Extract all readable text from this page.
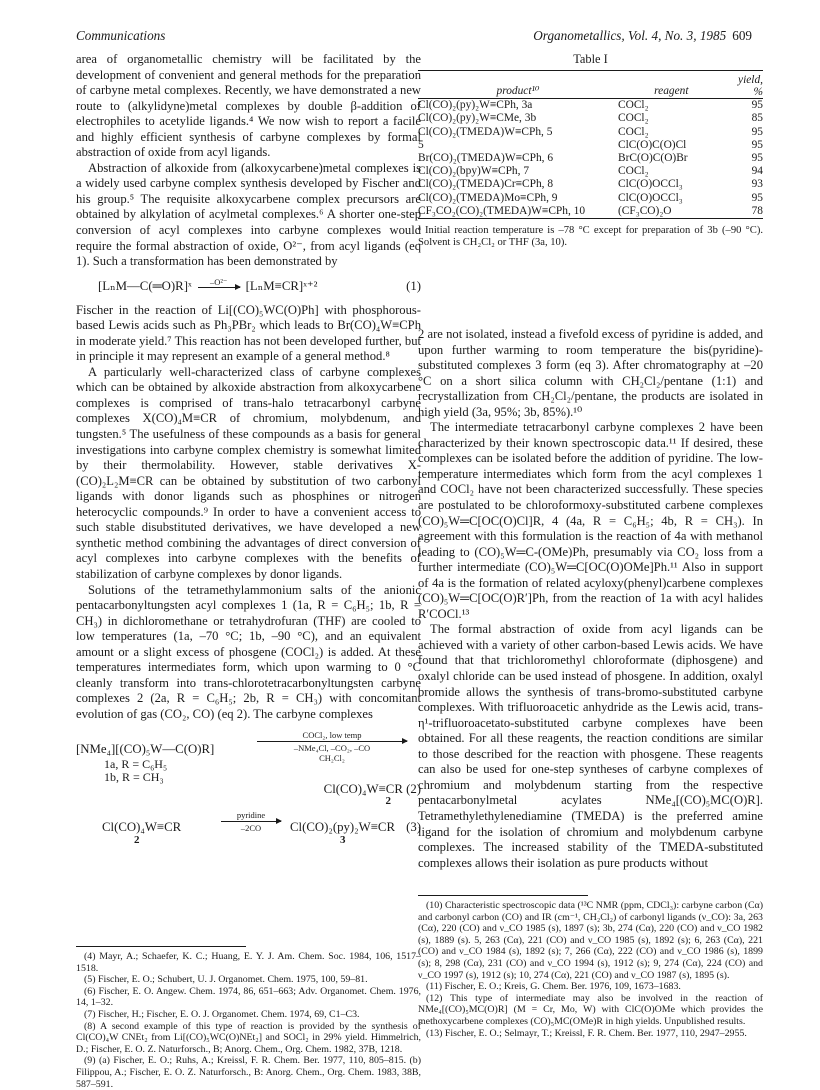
Communications	Organometallics, Vol. 4, No. 3, 1985 609

area of organometallic chemistry will be facilitated by the development of convenient and general methods for the preparation of carbyne metal complexes. Recently, we have demonstrated a new route to (alkylidyne)metal complexes by double β-addition of electrophiles to acetylide ligands.⁴ We now wish to report a facile and highly efficient synthesis of carbyne complexes by formal abstraction of oxide from acyl ligands.

Abstraction of alkoxide from (alkoxycarbene)metal complexes is a widely used carbyne complex synthesis developed by Fischer and his group.⁵ The requisite alkoxycarbene complex precursors are obtained by alkylation of acylmetal complexes.⁶ A shorter one-step conversion of acyl complexes into carbyne complexes would require the formal abstraction of oxide, O²⁻, from acyl ligands (eq 1). Such a transformation has been demonstrated by

[LₙM—C(═O)R]ˣ –O²⁻
[LₙM≡CR]ˣ⁺²	(1)

Fischer in the reaction of Li[(CO)₅WC(O)Ph] with phosphorous-based Lewis acids such as Ph₃PBr₂ which leads to Br(CO)₄W≡CPh in moderate yield.⁷ This reaction has not been developed further, but in principle it may represent an example of a general method.⁸

A particularly well-characterized class of carbyne complexes which can be obtained by alkoxide abstraction from alkoxycarbene complexes is comprised of trans-halo tetracarbonyl carbyne complexes X(CO)₄M≡CR of chromium, molybdenum, and tungsten.⁵ The usefulness of these compounds as a basis for general investigations into carbyne complex chemistry is somewhat limited by their thermolability. However, stable derivatives X-(CO)₂L₂M≡CR can be obtained by substitution of two carbonyl ligands with donor ligands such as phosphines or nitrogen heterocyclic compounds.⁹ In order to have a convenient access to such stable disubstituted derivatives, we have developed a new synthetic method combining the advantages of direct conversion of acyl complexes into carbyne complexes with the benefits of stabilization of carbyne complexes by donor ligands.

Solutions of the tetramethylammonium salts of the anionic pentacarbonyltungsten acyl complexes 1 (1a, R = C₆H₅; 1b, R = CH₃) in dichloromethane or tetrahydrofuran (THF) are cooled to low temperatures (1a, –70 °C; 1b, –90 °C), and an equivalent amount or a slight excess of phosgene (COCl₂) is added. At these temperatures intermediates form, which upon warming to 0 °C cleanly transform into trans-chlorotetracarbonyltungsten carbyne complexes 2 (2a, R = C₆H₅; 2b, R = CH₃) with concomitant evolution of gas (CO₂, CO) (eq 2). The carbyne complexes

[NMe₄][(CO)₅W—C(O)R]
1a, R = C₆H₅
1b, R = CH₃
COCl₂, low temp
–NMe₄Cl, –CO₂, –CO
CH₂Cl₂
Cl(CO)₄W≡CR (2)
2
Cl(CO)₄W≡CR
2
pyridine
–2CO	Cl(CO)₂(py)₂W≡CR
3
(3)

(4) Mayr, A.; Schaefer, K. C.; Huang, E. Y. J. Am. Chem. Soc. 1984, 106, 1517–1518.

(5) Fischer, E. O.; Schubert, U. J. Organomet. Chem. 1975, 100, 59–81.

(6) Fischer, E. O. Angew. Chem. 1974, 86, 651–663; Adv. Organomet. Chem. 1976, 14, 1–32.

(7) Fischer, H.; Fischer, E. O. J. Organomet. Chem. 1974, 69, C1–C3.

(8) A second example of this type of reaction is provided by the synthesis of Cl(CO)₄W CNEt₂ from Li[(CO)₅WC(O)NEt₂] and SOCl₂ in 29% yield. Himmelrich, D.; Fischer, E. O. Z. Naturforsch., B; Anorg. Chem., Org. Chem. 1982, 37B, 1218.

(9) (a) Fischer, E. O.; Ruhs, A.; Kreissl, F. R. Chem. Ber. 1977, 110, 805–815. (b) Filippou, A.; Fischer, E. O. Z. Naturforsch., B: Anorg. Chem., Org. Chem. 1983, 38B, 587–591.

Table I
product¹⁰	reagent	yield,
%

Cl(CO)₂(py)₂W≡CPh, 3a	COCl₂	95
Cl(CO)₂(py)₂W≡CMe, 3b	COCl₂	85
Cl(CO)₂(TMEDA)W≡CPh, 5	COCl₂	95
5	ClC(O)C(O)Cl	95
Br(CO)₂(TMEDA)W≡CPh, 6	BrC(O)C(O)Br	95
Cl(CO)₂(bpy)W≡CPh, 7	COCl₂	94
Cl(CO)₂(TMEDA)Cr≡CPh, 8	ClC(O)OCCl₃	93
Cl(CO)₂(TMEDA)Mo≡CPh, 9	ClC(O)OCCl₃	95
CF₃CO₂(CO)₂(TMEDA)W≡CPh, 10	(CF₃CO)₂O	78
ᵃ Initial reaction temperature is –78 °C except for preparation of 3b (–90 °C). Solvent is CH₂Cl₂ or THF (3a, 10).

2 are not isolated, instead a fivefold excess of pyridine is added, and upon further warming to room temperature the bis(pyridine)-substituted complexes 3 form (eq 3). After chromatography at –20 °C on a short silica column with CH₂Cl₂/pentane (1:1) and recrystallization from CH₂Cl₂/pentane, the products are isolated in high yield (3a, 95%; 3b, 85%).¹⁰

The intermediate tetracarbonyl carbyne complexes 2 have been characterized by their known spectroscopic data.¹¹ If desired, these complexes can be isolated before the addition of pyridine. The low-temperature intermediates which form from the acyl complexes 1 and COCl₂ have not been characterized successfully. These species are postulated to be chloroformoxy-substituted carbene complexes (CO)₅W═C[OC(O)Cl]R, 4 (4a, R = C₆H₅; 4b, R = CH₃). In agreement with this formulation is the reaction of 4a with methanol leading to (CO)₅W═C-(OMe)Ph, presumably via CO₂ loss from a further intermediate (CO)₅W═C[OC(O)OMe]Ph.¹¹ Also in support of 4a is the formation of related acyloxy(phenyl)carbene complexes (CO)₅W═C[OC(O)R′]Ph, from the reaction of 1a with acyl halides R′COCl.¹³

The formal abstraction of oxide from acyl ligands can be achieved with a variety of other carbon-based Lewis acids. We have found that that trichloromethyl chloroformate (diphosgene) and oxalyl chloride can be used instead of phosgene. In addition, oxalyl bromide allows the synthesis of trans-bromo-substituted carbyne complexes. With trifluoroacetic anhydride as the Lewis acid, trans-η¹-trifluoroacetato-substituted carbyne complexes have been obtained. For all these reagents, the reaction conditions are similar to those described for the reaction with phosgene. These reagents can also be used for one-step syntheses of carbyne complexes of chromium and molybdenum starting from the respective pentacarbonylmetal acylates NMe₄[(CO)₅MC(O)R]. Tetramethylethylenediamine (TMEDA) is the preferred amine ligand for the isolation of chromium and molybdenum carbyne complexes. The increased stability of the TMEDA-substituted complexes allows their isolation as pure products without

(10) Characteristic spectroscopic data (¹³C NMR (ppm, CDCl₃): carbyne carbon (Cα) and carbonyl carbon (CO) and IR (cm⁻¹, CH₂Cl₂) of carbonyl ligands (ν_CO): 3a, 263 (Cα), 220 (CO) and ν_CO 1985 (s), 1897 (s); 3b, 274 (Cα), 220 (CO) and ν_CO 1982 (s), 1889 (s). 5, 263 (Cα), 221 (CO) and ν_CO 1985 (s), 1892 (s); 6, 263 (Cα), 221 (CO) and ν_CO 1984 (s), 1892 (s); 7, 266 (Cα), 222 (CO) and ν_CO 1986 (s), 1899 (s); 8, 298 (Cα), 231 (CO) and ν_CO 1994 (s), 1912 (s); 9, 274 (Cα), 224 (CO) and ν_CO 1997 (s), 1912 (s); 10, 274 (Cα), 221 (CO) and ν_CO 1987 (s), 1895 (s).

(11) Fischer, E. O.; Kreis, G. Chem. Ber. 1976, 109, 1673–1683.

(12) This type of intermediate may also be involved in the reaction of NMe₄[(CO)₅MC(O)R] (M = Cr, Mo, W) with ClC(O)OMe which provides the methoxycarbene complexes (CO)₅MC(OMe)R in high yields. Unpublished results.

(13) Fischer, E. O.; Selmayr, T.; Kreissl, F. R. Chem. Ber. 1977, 110, 2947–2955.
